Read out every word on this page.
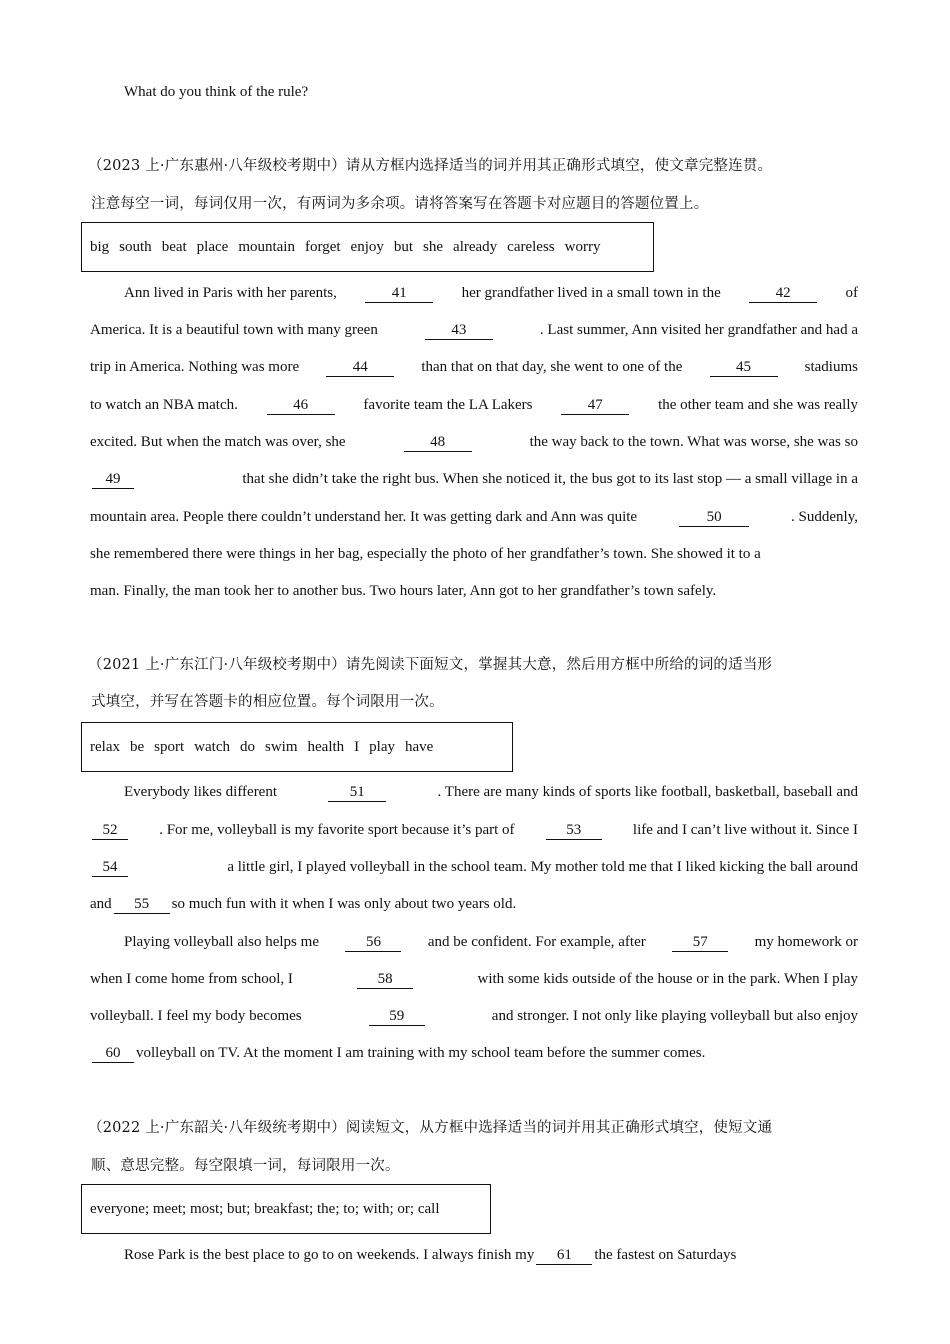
What do you think of the rule?
（2023 上·广东惠州·八年级校考期中）请从方框内选择适当的词并用其正确形式填空，使文章完整连贯。
注意每空一词，每词仅用一次，有两词为多余项。请将答案写在答题卡对应题目的答题位置上。
big south beat place mountain forget enjoy but she already careless worry
Ann lived in Paris with her parents,	41	her grandfather lived in a small town in the	42	of
America. It is a beautiful town with many green	43	. Last summer, Ann visited her grandfather and had a
trip in America. Nothing was more	44	than that on that day, she went to one of the	45	stadiums
to watch an NBA match.	46	favorite team the LA Lakers	47	the other team and she was really
excited. But when the match was over, she	48	the way back to the town. What was worse, she was so
49	that she didn’t take the right bus. When she noticed it, the bus got to its last stop — a small village in a
mountain area. People there couldn’t understand her. It was getting dark and Ann was quite	50	. Suddenly,
she remembered there were things in her bag, especially the photo of her grandfather’s town. She showed it to a
man. Finally, the man took her to another bus. Two hours later, Ann got to her grandfather’s town safely.
（2021 上·广东江门·八年级校考期中）请先阅读下面短文，掌握其大意，然后用方框中所给的词的适当形
式填空，并写在答题卡的相应位置。每个词限用一次。
relax be sport watch do swim health I play have
Everybody likes different	51	. There are many kinds of sports like football, basketball, baseball and
52	. For me, volleyball is my favorite sport because it’s part of	53	life and I can’t live without it. Since I
54	a little girl, I played volleyball in the school team. My mother told me that I liked kicking the ball around
and 55 so much fun with it when I was only about two years old.
Playing volleyball also helps me	56	and be confident. For example, after	57	my homework or
when I come home from school, I	58	with some kids outside of the house or in the park. When I play
volleyball. I feel my body becomes	59	and stronger. I not only like playing volleyball but also enjoy
60 volleyball on TV. At the moment I am training with my school team before the summer comes.
（2022 上·广东韶关·八年级统考期中）阅读短文，从方框中选择适当的词并用其正确形式填空，使短文通
顺、意思完整。每空限填一词，每词限用一次。
everyone; meet; most; but; breakfast; the; to; with; or; call
Rose Park is the best place to go to on weekends. I always finish my 61 the fastest on Saturdays
